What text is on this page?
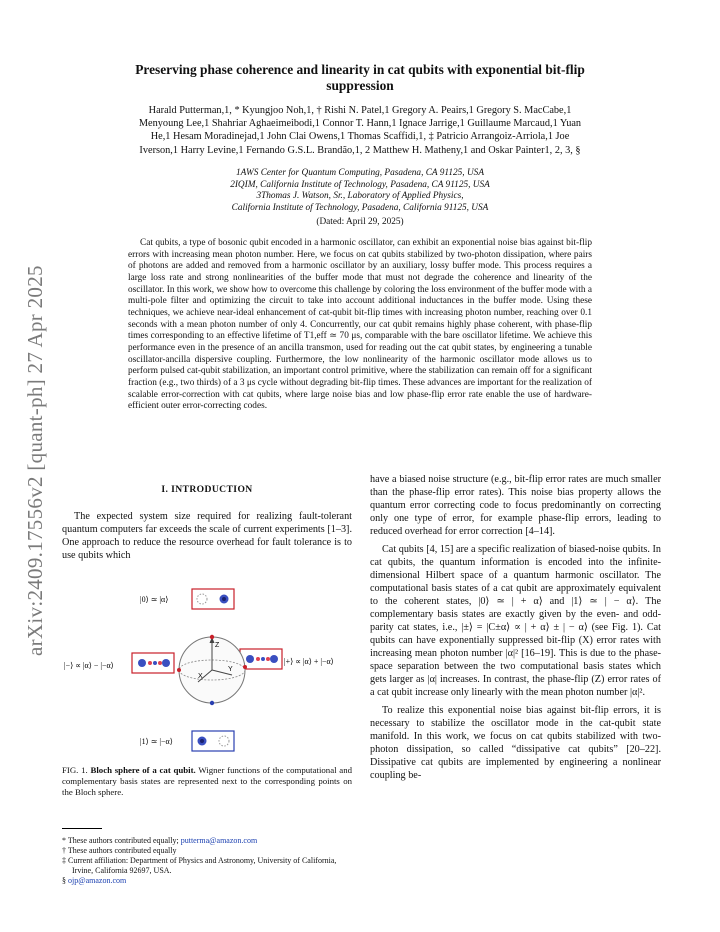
arXiv:2409.17556v2 [quant-ph] 27 Apr 2025
Preserving phase coherence and linearity in cat qubits with exponential bit-flip
suppression
Harald Putterman,1, * Kyungjoo Noh,1, † Rishi N. Patel,1 Gregory A. Peairs,1 Gregory S. MacCabe,1
Menyoung Lee,1 Shahriar Aghaeimeibodi,1 Connor T. Hann,1 Ignace Jarrige,1 Guillaume Marcaud,1 Yuan
He,1 Hesam Moradinejad,1 John Clai Owens,1 Thomas Scaffidi,1, ‡ Patricio Arrangoiz-Arriola,1 Joe
Iverson,1 Harry Levine,1 Fernando G.S.L. Brandão,1, 2 Matthew H. Matheny,1 and Oskar Painter1, 2, 3, §
1AWS Center for Quantum Computing, Pasadena, CA 91125, USA
2IQIM, California Institute of Technology, Pasadena, CA 91125, USA
3Thomas J. Watson, Sr., Laboratory of Applied Physics,
California Institute of Technology, Pasadena, California 91125, USA
(Dated: April 29, 2025)
Cat qubits, a type of bosonic qubit encoded in a harmonic oscillator, can exhibit an exponential noise bias against bit-flip errors with increasing mean photon number. Here, we focus on cat qubits stabilized by two-photon dissipation, where pairs of photons are added and removed from a harmonic oscillator by an auxiliary, lossy buffer mode. This process requires a large loss rate and strong nonlinearities of the buffer mode that must not degrade the coherence and linearity of the oscillator. In this work, we show how to overcome this challenge by coloring the loss environment of the buffer mode with a multi-pole filter and optimizing the circuit to take into account additional inductances in the buffer mode. Using these techniques, we achieve near-ideal enhancement of cat-qubit bit-flip times with increasing photon number, reaching over 0.1 seconds with a mean photon number of only 4. Concurrently, our cat qubit remains highly phase coherent, with phase-flip times corresponding to an effective lifetime of T1,eff ≃ 70 μs, comparable with the bare oscillator lifetime. We achieve this performance even in the presence of an ancilla transmon, used for reading out the cat qubit states, by engineering a tunable oscillator-ancilla dispersive coupling. Furthermore, the low nonlinearity of the harmonic oscillator mode allows us to perform pulsed cat-qubit stabilization, an important control primitive, where the stabilization can remain off for a significant fraction (e.g., two thirds) of a 3 μs cycle without degrading bit-flip times. These advances are important for the realization of scalable error-correction with cat qubits, where large noise bias and low phase-flip error rate enable the use of hardware-efficient outer error-correcting codes.
I. INTRODUCTION
The expected system size required for realizing fault-tolerant quantum computers far exceeds the scale of current experiments [1–3]. One approach to reduce the resource overhead for fault tolerance is to use qubits which
|0⟩ ≃ |α⟩
|1⟩ ≃ |−α⟩
|−⟩ ∝ |α⟩ − |−α⟩	|+⟩ ∝ |α⟩ + |−α⟩
Z
X
Y
FIG. 1. Bloch sphere of a cat qubit. Wigner functions of the computational and complementary basis states are represented next to the corresponding points on the Bloch sphere.
* These authors contributed equally; putterma@amazon.com
† These authors contributed equally
‡ Current affiliation: Department of Physics and Astronomy, University of California, Irvine, California 92697, USA.
§ ojp@amazon.com

have a biased noise structure (e.g., bit-flip error rates are much smaller than the phase-flip error rates). This noise bias property allows the quantum error correcting code to focus predominantly on correcting only one type of error, for example phase-flip errors, leading to reduced overhead for error correction [4–14].

Cat qubits [4, 15] are a specific realization of biased-noise qubits. In cat qubits, the quantum information is encoded into the infinite-dimensional Hilbert space of a quantum harmonic oscillator. The computational basis states of a cat qubit are approximately equivalent to the coherent states, |0⟩ ≃ | + α⟩ and |1⟩ ≃ | − α⟩. The complementary basis states are exactly given by the even- and odd-parity cat states, i.e., |±⟩ = |C±α⟩ ∝ | + α⟩ ± | − α⟩ (see Fig. 1). Cat qubits can have exponentially suppressed bit-flip (X) error rates with increasing mean photon number |α|² [16–19]. This is due to the phase-space separation between the two computational basis states which gets larger as |α| increases. In contrast, the phase-flip (Z) error rates of a cat qubit increase only linearly with the mean photon number |α|².

To realize this exponential noise bias against bit-flip errors, it is necessary to stabilize the oscillator mode in the cat-qubit state manifold. In this work, we focus on cat qubits stabilized with two-photon dissipation, so called “dissipative cat qubits” [20–22]. Dissipative cat qubits are implemented by engineering a nonlinear coupling be-
